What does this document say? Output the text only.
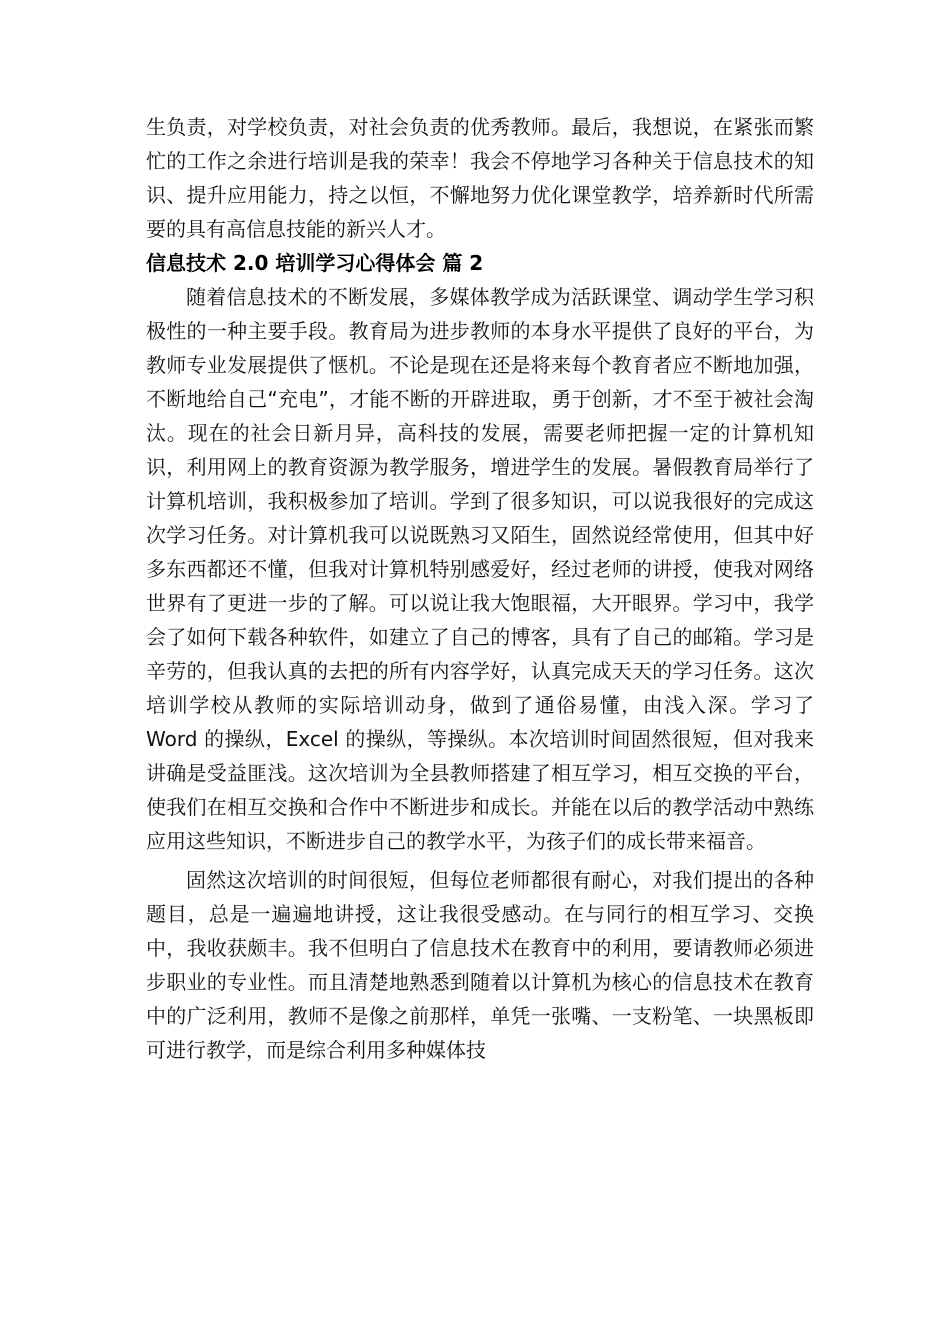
生负责，对学校负责，对社会负责的优秀教师。最后，我想说，在紧张而繁忙的工作之余进行培训是我的荣幸！我会不停地学习各种关于信息技术的知识、提升应用能力，持之以恒，不懈地努力优化课堂教学，培养新时代所需要的具有高信息技能的新兴人才。

信息技术 2.0 培训学习心得体会 篇 2

随着信息技术的不断发展，多媒体教学成为活跃课堂、调动学生学习积极性的一种主要手段。教育局为进步教师的本身水平提供了良好的平台，为教师专业发展提供了惬机。不论是现在还是将来每个教育者应不断地加强，不断地给自己“充电”，才能不断的开辟进取，勇于创新，才不至于被社会淘汰。现在的社会日新月异，高科技的发展，需要老师把握一定的计算机知识，利用网上的教育资源为教学服务，增进学生的发展。暑假教育局举行了计算机培训，我积极参加了培训。学到了很多知识，可以说我很好的完成这次学习任务。对计算机我可以说既熟习又陌生，固然说经常使用，但其中好多东西都还不懂，但我对计算机特别感爱好，经过老师的讲授，使我对网络世界有了更进一步的了解。可以说让我大饱眼福，大开眼界。学习中，我学会了如何下载各种软件，如建立了自己的博客，具有了自己的邮箱。学习是辛劳的，但我认真的去把的所有内容学好，认真完成天天的学习任务。这次培训学校从教师的实际培训动身，做到了通俗易懂，由浅入深。学习了 Word 的操纵，Excel 的操纵，等操纵。本次培训时间固然很短，但对我来讲确是受益匪浅。这次培训为全县教师搭建了相互学习，相互交换的平台，使我们在相互交换和合作中不断进步和成长。并能在以后的教学活动中熟练应用这些知识，不断进步自己的教学水平，为孩子们的成长带来福音。

固然这次培训的时间很短，但每位老师都很有耐心，对我们提出的各种题目，总是一遍遍地讲授，这让我很受感动。在与同行的相互学习、交换中，我收获颇丰。我不但明白了信息技术在教育中的利用，要请教师必须进步职业的专业性。而且清楚地熟悉到随着以计算机为核心的信息技术在教育中的广泛利用，教师不是像之前那样，单凭一张嘴、一支粉笔、一块黑板即可进行教学，而是综合利用多种媒体技
